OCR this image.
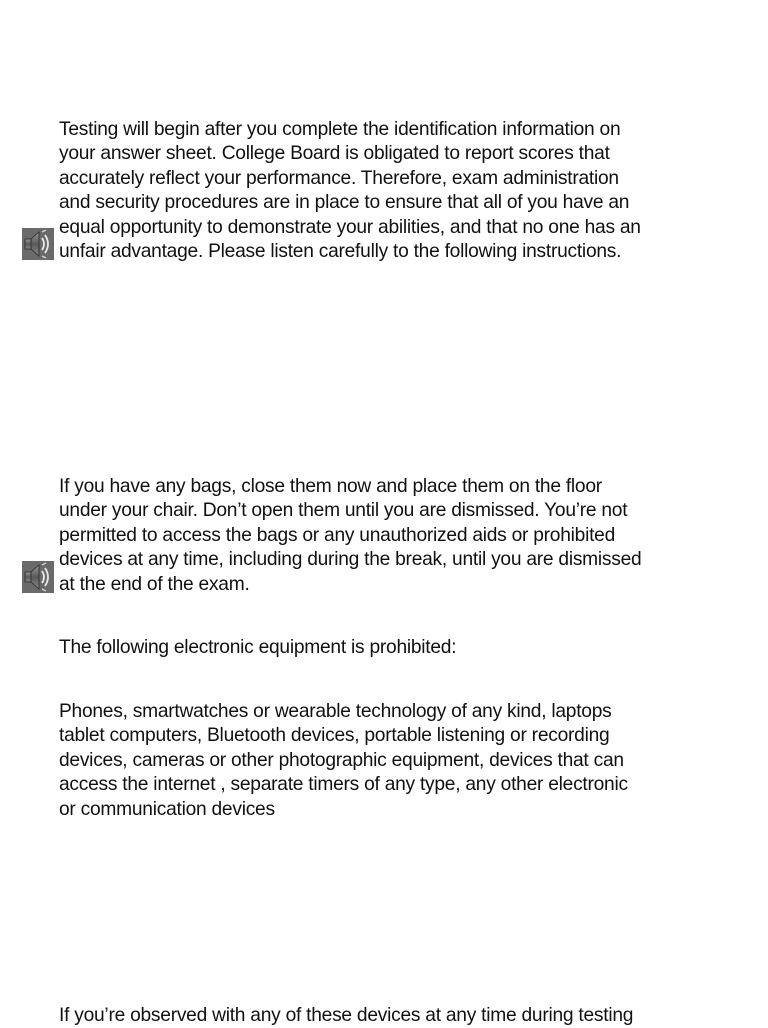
Testing will begin after you complete the identification information on
your answer sheet. College Board is obligated to report scores that
accurately reflect your performance. Therefore, exam administration
and security procedures are in place to ensure that all of you have an
equal opportunity to demonstrate your abilities, and that no one has an
unfair advantage. Please listen carefully to the following instructions.

If you have any bags, close them now and place them on the floor
under your chair. Don’t open them until you are dismissed. You’re not
permitted to access the bags or any unauthorized aids or prohibited
devices at any time, including during the break, until you are dismissed
at the end of the exam.

The following electronic equipment is prohibited:

Phones, smartwatches or wearable technology of any kind, laptops
tablet computers, Bluetooth devices, portable listening or recording
devices, cameras or other photographic equipment, devices that can
access the internet , separate timers of any type, any other electronic
or communication devices

If you’re observed with any of these devices at any time during testing
